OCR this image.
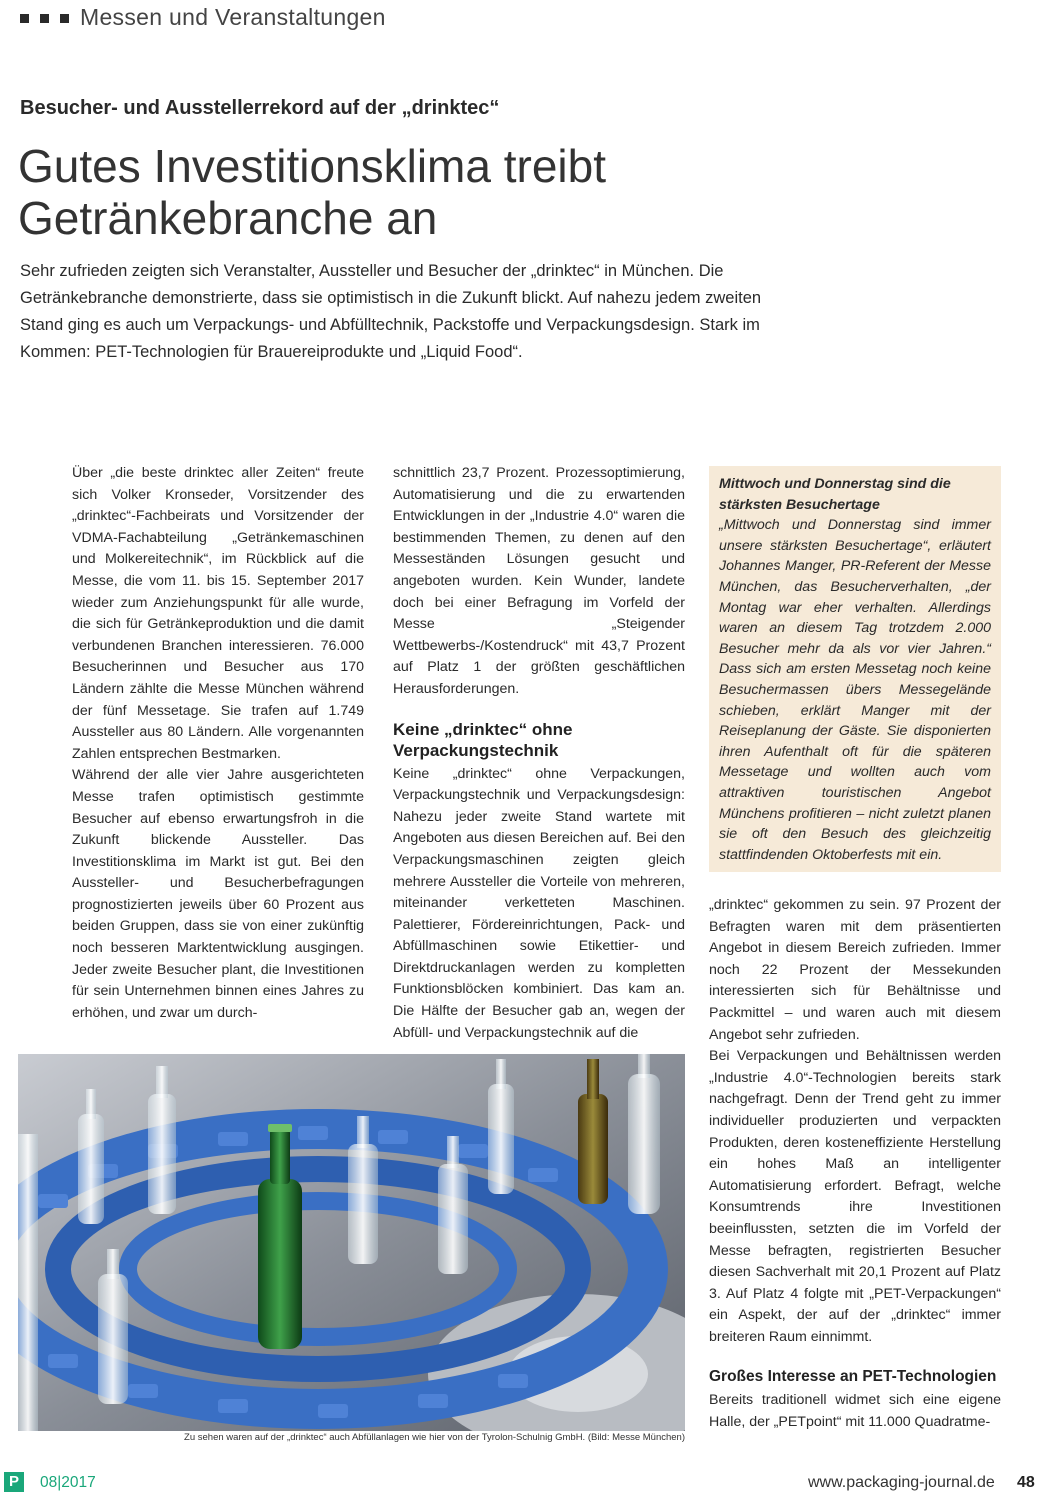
Messen und Veranstaltungen
Besucher- und Ausstellerrekord auf der „drinktec“
Gutes Investitionsklima treibt
Getränkebranche an
Sehr zufrieden zeigten sich Veranstalter, Aussteller und Besucher der „drinktec“ in München. Die Getränkebranche demonstrierte, dass sie optimistisch in die Zukunft blickt. Auf nahezu jedem zweiten Stand ging es auch um Verpackungs- und Abfülltechnik, Packstoffe und Verpackungsdesign. Stark im Kommen: PET-Technologien für Brauereiprodukte und „Liquid Food“.

Über „die beste drinktec aller Zeiten“ freute sich Volker Kronseder, Vorsitzender des „drinktec“-Fachbeirats und Vorsitzender der VDMA-Fachabteilung „Getränkemaschinen und Molkereitechnik“, im Rückblick auf die Messe, die vom 11. bis 15. September 2017 wieder zum Anziehungspunkt für alle wurde, die sich für Getränkeproduktion und die damit verbundenen Branchen interessieren. 76.000 Besucherinnen und Besucher aus 170 Ländern zählte die Messe München während der fünf Messetage. Sie trafen auf 1.749 Aussteller aus 80 Ländern. Alle vorgenannten Zahlen entsprechen Bestmarken.

Während der alle vier Jahre ausgerichteten Messe trafen optimistisch gestimmte Besucher auf ebenso erwartungsfroh in die Zukunft blickende Aussteller. Das Investitionsklima im Markt ist gut. Bei den Aussteller- und Besucherbefragungen prognostizierten jeweils über 60 Prozent aus beiden Gruppen, dass sie von einer zukünftig noch besseren Marktentwicklung ausgingen. Jeder zweite Besucher plant, die Investitionen für sein Unternehmen binnen eines Jahres zu erhöhen, und zwar um durch-

schnittlich 23,7 Prozent. Prozessoptimierung, Automatisierung und die zu erwartenden Entwicklungen in der „Industrie 4.0“ waren die bestimmenden Themen, zu denen auf den Messeständen Lösungen gesucht und angeboten wurden. Kein Wunder, landete doch bei einer Befragung im Vorfeld der Messe „Steigender Wettbewerbs-/Kostendruck“ mit 43,7 Prozent auf Platz 1 der größten geschäftlichen Herausforderungen.

Keine „drinktec“ ohne Verpackungstechnik

Keine „drinktec“ ohne Verpackungen, Verpackungstechnik und Verpackungsdesign: Nahezu jeder zweite Stand wartete mit Angeboten aus diesen Bereichen auf. Bei den Verpackungsmaschinen zeigten gleich mehrere Aussteller die Vorteile von mehreren, miteinander verketteten Maschinen. Palettierer, Fördereinrichtungen, Pack- und Abfüllmaschinen sowie Etikettier- und Direktdruckanlagen werden zu kompletten Funktionsblöcken kombiniert. Das kam an. Die Hälfte der Besucher gab an, wegen der Abfüll- und Verpackungstechnik auf die

Mittwoch und Donnerstag sind die stärksten Besuchertage
„Mittwoch und Donnerstag sind immer unsere stärksten Besuchertage“, erläutert Johannes Manger, PR-Referent der Messe München, das Besucherverhalten, „der Montag war eher verhalten. Allerdings waren an diesem Tag trotzdem 2.000 Besucher mehr da als vor vier Jahren.“ Dass sich am ersten Messetag noch keine Besuchermassen übers Messegelände schieben, erklärt Manger mit der Reiseplanung der Gäste. Sie disponierten ihren Aufenthalt oft für die späteren Messetage und wollten auch vom attraktiven touristischen Angebot Münchens profitieren – nicht zuletzt planen sie oft den Besuch des gleichzeitig stattfindenden Oktoberfests mit ein.

„drinktec“ gekommen zu sein. 97 Prozent der Befragten waren mit dem präsentierten Angebot in diesem Bereich zufrieden. Immer noch 22 Prozent der Messekunden interessierten sich für Behältnisse und Packmittel – und waren auch mit diesem Angebot sehr zufrieden.

Bei Verpackungen und Behältnissen werden „Industrie 4.0“-Technologien bereits stark nachgefragt. Denn der Trend geht zu immer individueller produzierten und verpackten Produkten, deren kosteneffiziente Herstellung ein hohes Maß an intelligenter Automatisierung erfordert. Befragt, welche Konsumtrends ihre Investitionen beeinflussten, setzten die im Vorfeld der Messe befragten, registrierten Besucher diesen Sachverhalt mit 20,1 Prozent auf Platz 3. Auf Platz 4 folgte mit „PET-Verpackungen“ ein Aspekt, der auf der „drinktec“ immer breiteren Raum einnimmt.

Großes Interesse an PET-Technologien

Bereits traditionell widmet sich eine eigene Halle, der „PETpoint“ mit 11.000 Quadratme-

Zu sehen waren auf der „drinktec“ auch Abfüllanlagen wie hier von der Tyrolon-Schulnig GmbH. (Bild: Messe München)
P	08|2017	www.packaging-journal.de 48
